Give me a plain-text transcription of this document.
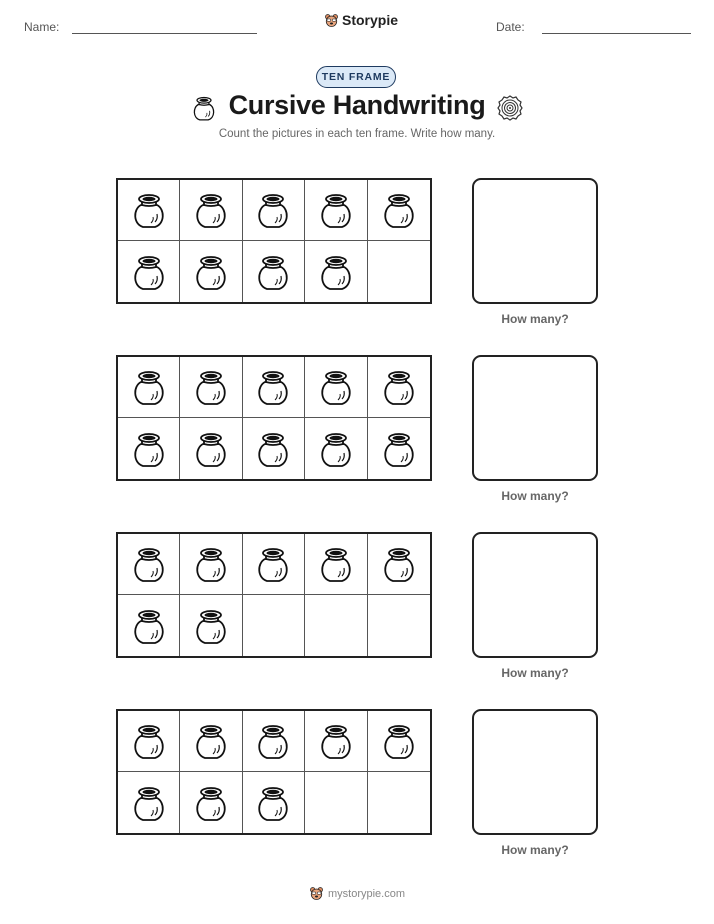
Name:	Storypie	Date:
TEN FRAME
Cursive Handwriting
Count the pictures in each ten frame. Write how many.
How many?
How many?
How many?
How many?
mystorypie.com
